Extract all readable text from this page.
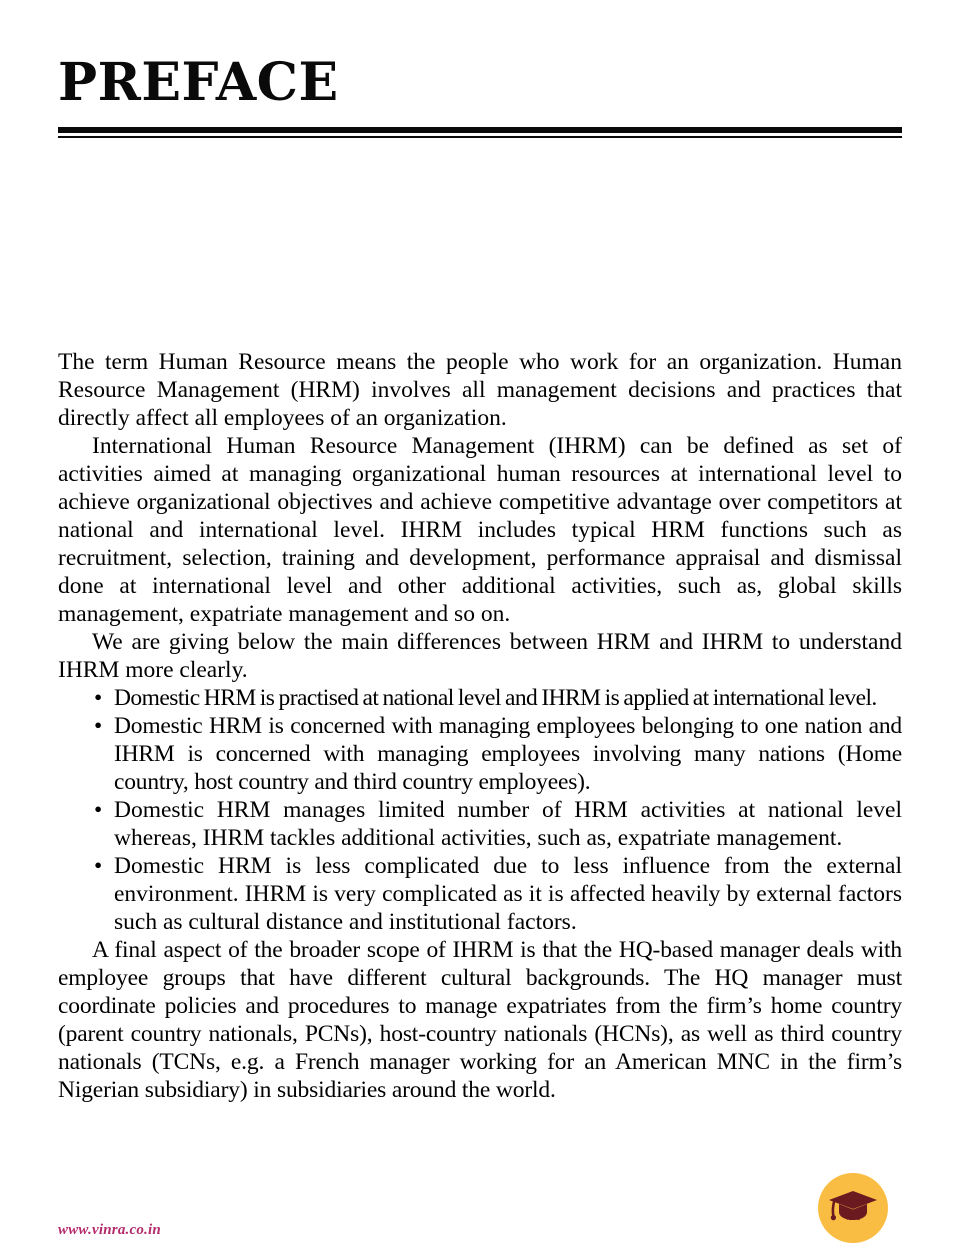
PREFACE

The term Human Resource means the people who work for an organization. Human Resource Management (HRM) involves all management decisions and practices that directly affect all employees of an organization.

International Human Resource Management (IHRM) can be defined as set of activities aimed at managing organizational human resources at international level to achieve organizational objectives and achieve competitive advantage over competitors at national and international level. IHRM includes typical HRM functions such as recruitment, selection, training and development, performance appraisal and dismissal done at international level and other additional activities, such as, global skills management, expatriate management and so on.

We are giving below the main differences between HRM and IHRM to understand IHRM more clearly.

• Domestic HRM is practised at national level and IHRM is applied at international level.
• Domestic HRM is concerned with managing employees belonging to one nation and IHRM is concerned with managing employees involving many nations (Home country, host country and third country employees).
• Domestic HRM manages limited number of HRM activities at national level whereas, IHRM tackles additional activities, such as, expatriate management.
• Domestic HRM is less complicated due to less influence from the external environment. IHRM is very complicated as it is affected heavily by external factors such as cultural distance and institutional factors.

A final aspect of the broader scope of IHRM is that the HQ-based manager deals with employee groups that have different cultural backgrounds. The HQ manager must coordinate policies and procedures to manage expatriates from the firm’s home country (parent country nationals, PCNs), host-country nationals (HCNs), as well as third country nationals (TCNs, e.g. a French manager working for an American MNC in the firm’s Nigerian subsidiary) in subsidiaries around the world.

www.vinra.co.in
vinra
